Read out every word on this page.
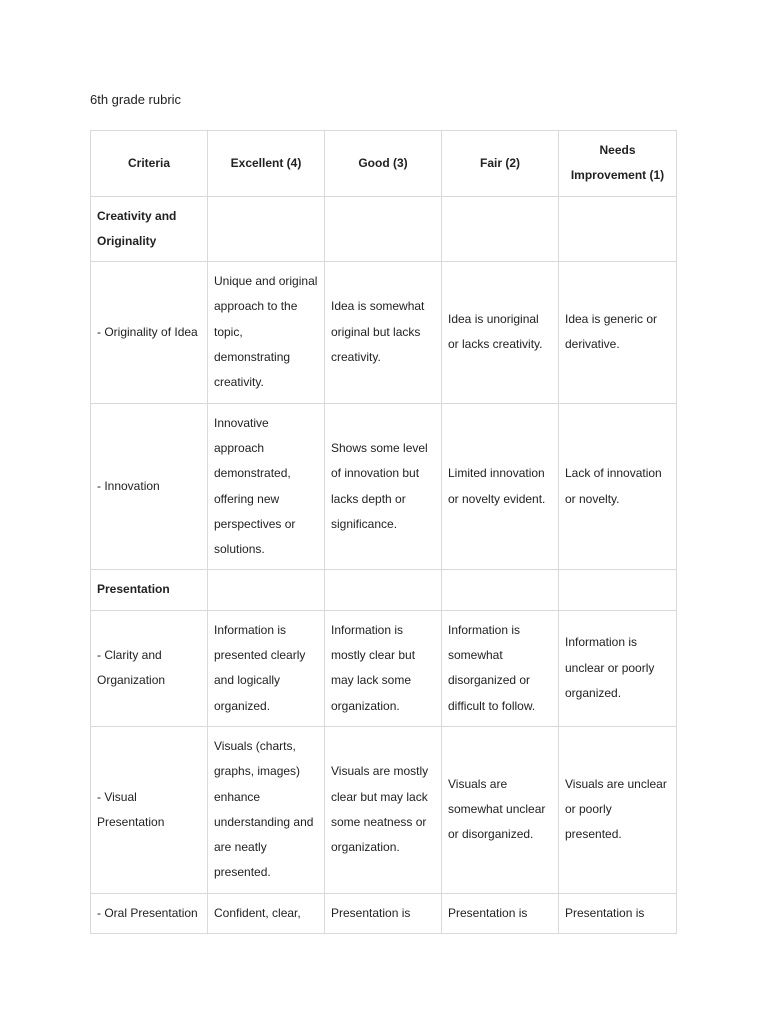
6th grade rubric
Criteria	Excellent (4)	Good (3)	Fair (2)	Needs Improvement (1)
Creativity and Originality				
- Originality of Idea	Unique and original approach to the topic, demonstrating creativity.	Idea is somewhat original but lacks creativity.	Idea is unoriginal or lacks creativity.	Idea is generic or derivative.
- Innovation	Innovative approach demonstrated, offering new perspectives or solutions.	Shows some level of innovation but lacks depth or significance.	Limited innovation or novelty evident.	Lack of innovation or novelty.
Presentation				
- Clarity and Organization	Information is presented clearly and logically organized.	Information is mostly clear but may lack some organization.	Information is somewhat disorganized or difficult to follow.	Information is unclear or poorly organized.
- Visual Presentation	Visuals (charts, graphs, images) enhance understanding and are neatly presented.	Visuals are mostly clear but may lack some neatness or organization.	Visuals are somewhat unclear or disorganized.	Visuals are unclear or poorly presented.
- Oral Presentation	Confident, clear,	Presentation is	Presentation is	Presentation is
